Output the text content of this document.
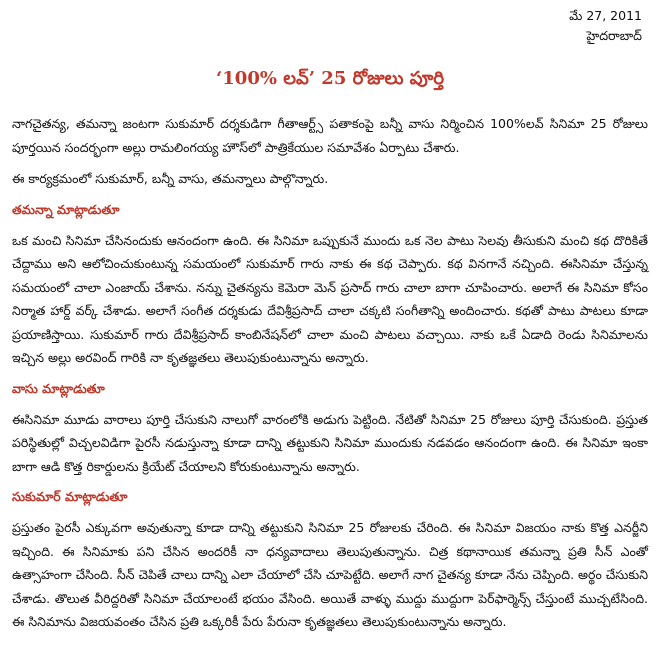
మే 27, 2011
హైదరాబాద్
‘100% లవ్’ 25 రోజులు పూర్తి

నాగచైతన్య, తమన్నా జంటగా సుకుమార్ దర్శకుడిగా గీతాఆర్ట్స్ పతాకంపై బన్నీ వాసు నిర్మించిన 100%లవ్ సినిమా 25 రోజులు పూర్తయిన సందర్భంగా అల్లు రామలింగయ్య హౌస్‌లో పాత్రికేయుల సమావేశం ఏర్పాటు చేశారు.

ఈ కార్యక్రమంలో సుకుమార్, బన్నీ వాసు, తమన్నాలు పాల్గొన్నారు.

తమన్నా మాట్లాడుతూ

ఒక మంచి సినిమా చేసినందుకు ఆనందంగా ఉంది. ఈ సినిమా ఒప్పుకునే ముందు ఒక నెల పాటు సెలవు తీసుకుని మంచి కథ దొరికితే చేద్దాము అని ఆలోచించుకుంటున్న సమయంలో సుకుమార్ గారు నాకు ఈ కథ చెప్పారు. కథ వినగానే నచ్చింది. ఈసినిమా చేస్తున్న సమయంలో చాలా ఎంజాయ్ చేశాను. నన్ను చైతన్యను కెమెరా మెన్ ప్రసాద్ గారు చాలా బాగా చూపించారు. అలాగే ఈ సినిమా కోసం నిర్మాత హార్డ్ వర్క్ చేశాడు. అలాగే సంగీత దర్శకుడు దేవిశ్రీప్రసాద్ చాలా చక్కటి సంగీతాన్ని అందించారు. కథతో పాటు పాటలు కూడా ప్రయాణిస్తాయి. సుకుమార్ గారు దేవిశ్రీప్రసాద్ కాంబినేషన్‌లో చాలా మంచి పాటలు వచ్చాయి. నాకు ఒకే ఏడాది రెండు సినిమాలను ఇచ్చిన అల్లు అరవింద్ గారికి నా కృతజ్ఞతలు తెలుపుకుంటున్నాను అన్నారు.

వాసు మాట్లాడుతూ

ఈసినిమా మూడు వారాలు పూర్తి చేసుకుని నాలుగో వారంలోకి అడుగు పెట్టింది. నేటితో సినిమా 25 రోజులు పూర్తి చేసుకుంది. ప్రస్తుత పరిస్థితుల్లో విచ్చలవిడిగా పైరసీ నడుస్తున్నా కూడా దాన్ని తట్టుకుని సినిమా ముందుకు నడవడం ఆనందంగా ఉంది. ఈ సినిమా ఇంకా బాగా ఆడి కొత్త రికార్డులను క్రియేట్ చేయాలని కోరుకుంటున్నాను అన్నారు.

సుకుమార్ మాట్లాడుతూ

ప్రస్తుతం పైరసీ ఎక్కువగా అవుతున్నా కూడా దాన్ని తట్టుకుని సినిమా 25 రోజులకు చేరింది. ఈ సినిమా విజయం నాకు కొత్త ఎనర్జీని ఇచ్చింది. ఈ సినిమాకు పని చేసిన అందరికీ నా ధన్యవాదాలు తెలుపుతున్నాను. చిత్ర కథానాయిక తమన్నా ప్రతి సీన్ ఎంతో ఉత్సాహంగా చేసింది. సీన్ చెపితే చాలు దాన్ని ఎలా చేయాలో చేసి చూపెట్టేది. అలాగే నాగ చైతన్య కూడా నేను చెప్పింది. అర్థం చేసుకుని చేశాడు. తొలుత వీరిద్దరితో సినిమా చేయాలంటే భయం వేసింది. అయితే వాళ్ళు ముద్దు ముద్దుగా పెర్‌ఫార్మెన్స్ చేస్తుంటే ముచ్చటేసింది. ఈ సినిమాను విజయవంతం చేసిన ప్రతి ఒక్కరికీ పేరు పేరునా కృతజ్ఞతలు తెలుపుకుంటున్నాను అన్నారు.
